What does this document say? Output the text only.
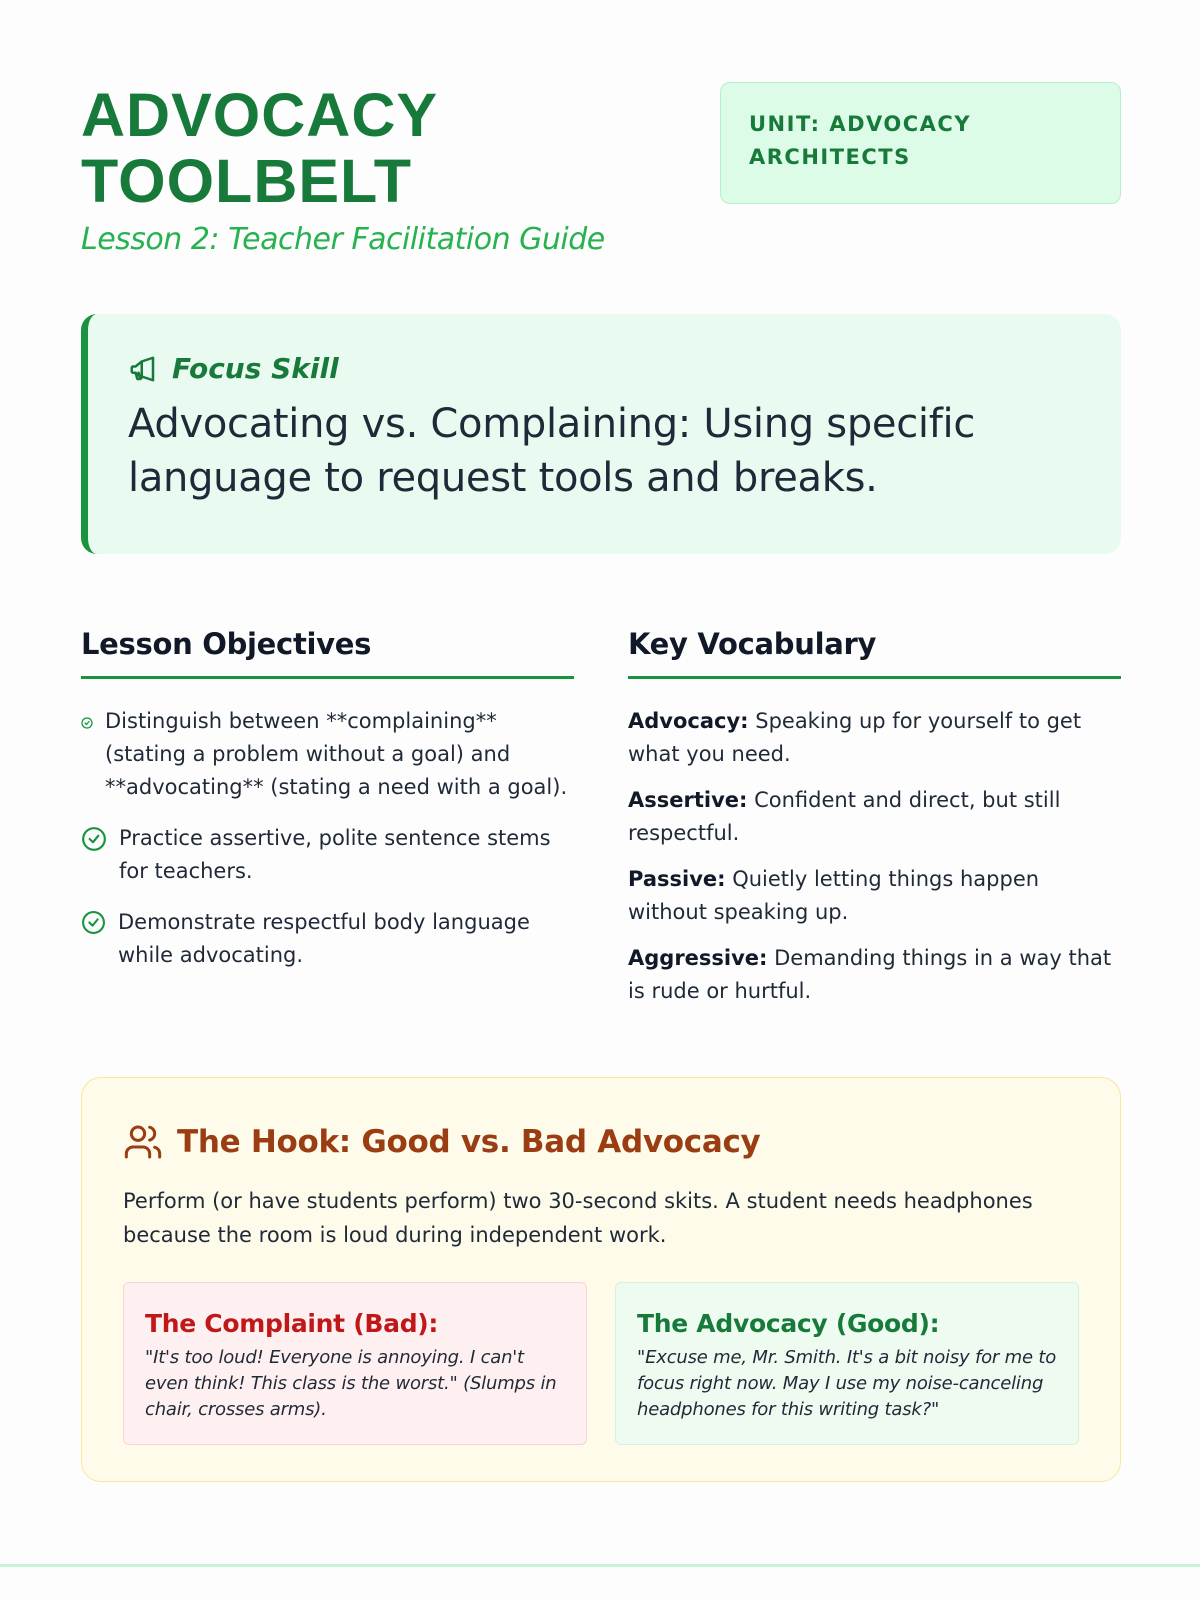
ADVOCACY TOOLBELT
Lesson 2: Teacher Facilitation Guide
UNIT: ADVOCACY
ARCHITECTS
Focus Skill
Advocating vs. Complaining: Using specific language to request tools and breaks.
Lesson Objectives
Distinguish between **complaining** (stating a problem without a goal) and **advocating** (stating a need with a goal).
Practice assertive, polite sentence stems for teachers.
Demonstrate respectful body language while advocating.
Key Vocabulary

Advocacy: Speaking up for yourself to get what you need.

Assertive: Confident and direct, but still respectful.

Passive: Quietly letting things happen without speaking up.

Aggressive: Demanding things in a way that is rude or hurtful.

The Hook: Good vs. Bad Advocacy

Perform (or have students perform) two 30-second skits. A student needs headphones because the room is loud during independent work.

The Complaint (Bad):

"It's too loud! Everyone is annoying. I can't even think! This class is the worst." (Slumps in chair, crosses arms).

The Advocacy (Good):

"Excuse me, Mr. Smith. It's a bit noisy for me to focus right now. May I use my noise-canceling headphones for this writing task?"
